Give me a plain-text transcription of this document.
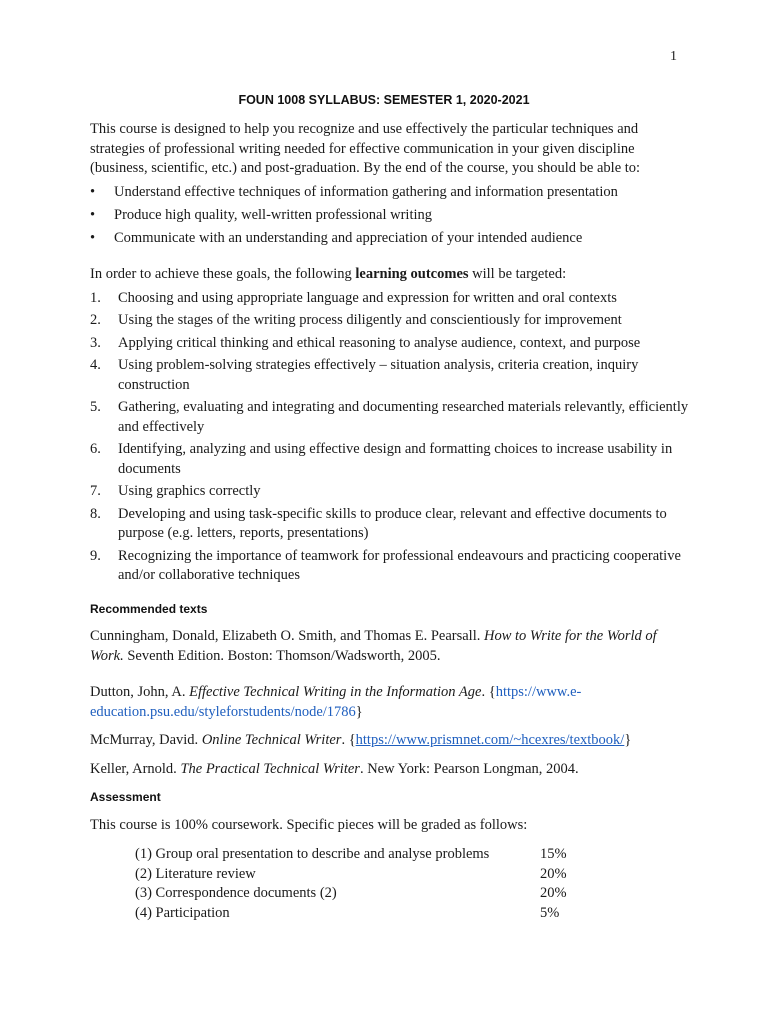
1
FOUN 1008 SYLLABUS: SEMESTER 1, 2020-2021

This course is designed to help you recognize and use effectively the particular techniques and strategies of professional writing needed for effective communication in your given discipline (business, scientific, etc.) and post-graduation. By the end of the course, you should be able to:

• Understand effective techniques of information gathering and information presentation
• Produce high quality, well-written professional writing
• Communicate with an understanding and appreciation of your intended audience

In order to achieve these goals, the following learning outcomes will be targeted:

1. Choosing and using appropriate language and expression for written and oral contexts
2. Using the stages of the writing process diligently and conscientiously for improvement
3. Applying critical thinking and ethical reasoning to analyse audience, context, and purpose
4. Using problem-solving strategies effectively – situation analysis, criteria creation, inquiry construction
5. Gathering, evaluating and integrating and documenting researched materials relevantly, efficiently and effectively
6. Identifying, analyzing and using effective design and formatting choices to increase usability in documents
7. Using graphics correctly
8. Developing and using task-specific skills to produce clear, relevant and effective documents to purpose (e.g. letters, reports, presentations)
9. Recognizing the importance of teamwork for professional endeavours and practicing cooperative and/or collaborative techniques
Recommended texts

Cunningham, Donald, Elizabeth O. Smith, and Thomas E. Pearsall. How to Write for the World of Work. Seventh Edition. Boston: Thomson/Wadsworth, 2005.

Dutton, John, A. Effective Technical Writing in the Information Age. {https://www.e-education.psu.edu/styleforstudents/node/1786}

McMurray, David. Online Technical Writer. {https://www.prismnet.com/~hcexres/textbook/}

Keller, Arnold. The Practical Technical Writer. New York: Pearson Longman, 2004.

Assessment

This course is 100% coursework. Specific pieces will be graded as follows:

(1) Group oral presentation to describe and analyse problems	15%
(2) Literature review	20%
(3) Correspondence documents (2)	20%
(4) Participation	5%
